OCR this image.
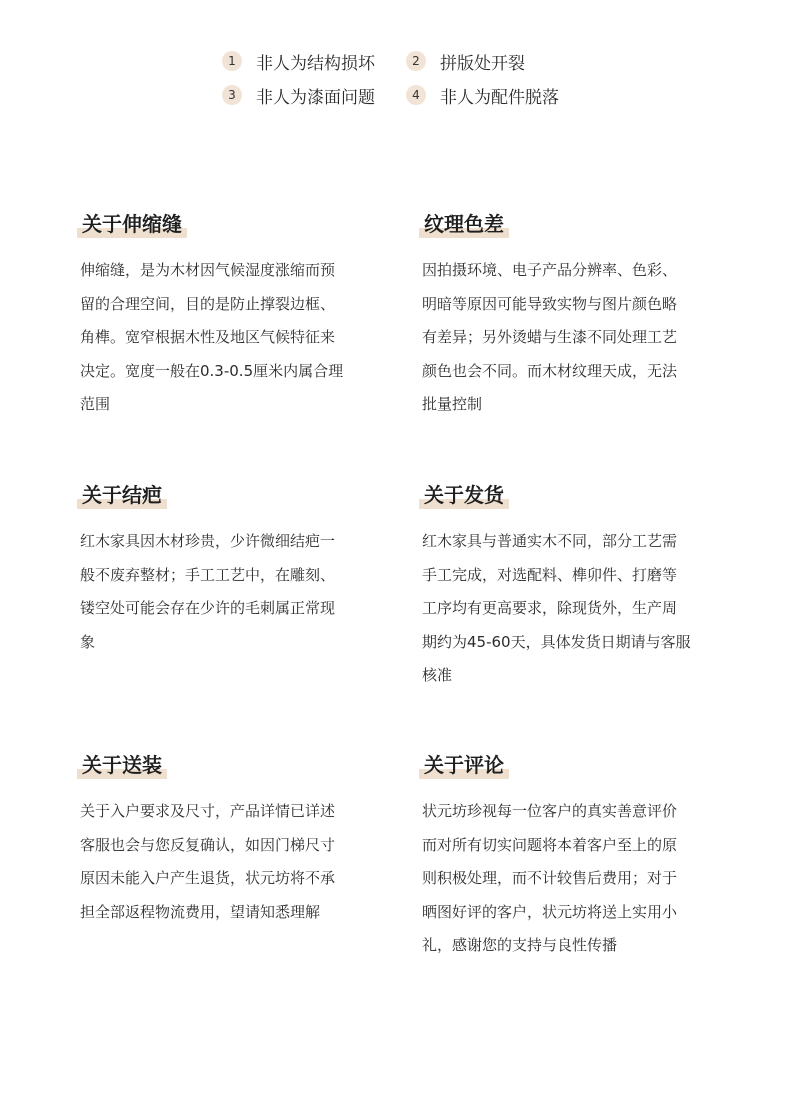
1	非人为结构损坏	2	拼版处开裂
3	非人为漆面问题	4	非人为配件脱落
关于伸缩缝

伸缩缝，是为木材因气候湿度涨缩而预
留的合理空间，目的是防止撑裂边框、
角榫。宽窄根据木性及地区气候特征来
决定。宽度一般在0.3-0.5厘米内属合理
范围

纹理色差

因拍摄环境、电子产品分辨率、色彩、
明暗等原因可能导致实物与图片颜色略
有差异；另外烫蜡与生漆不同处理工艺
颜色也会不同。而木材纹理天成，无法
批量控制

关于结疤

红木家具因木材珍贵，少许微细结疤一
般不废弃整材；手工工艺中，在雕刻、
镂空处可能会存在少许的毛刺属正常现
象

关于发货

红木家具与普通实木不同，部分工艺需
手工完成，对选配料、榫卯件、打磨等
工序均有更高要求，除现货外，生产周
期约为45-60天，具体发货日期请与客服
核准

关于送装

关于入户要求及尺寸，产品详情已详述
客服也会与您反复确认，如因门梯尺寸
原因未能入户产生退货，状元坊将不承
担全部返程物流费用，望请知悉理解

关于评论

状元坊珍视每一位客户的真实善意评价
而对所有切实问题将本着客户至上的原
则积极处理，而不计较售后费用；对于
晒图好评的客户，状元坊将送上实用小
礼，感谢您的支持与良性传播
